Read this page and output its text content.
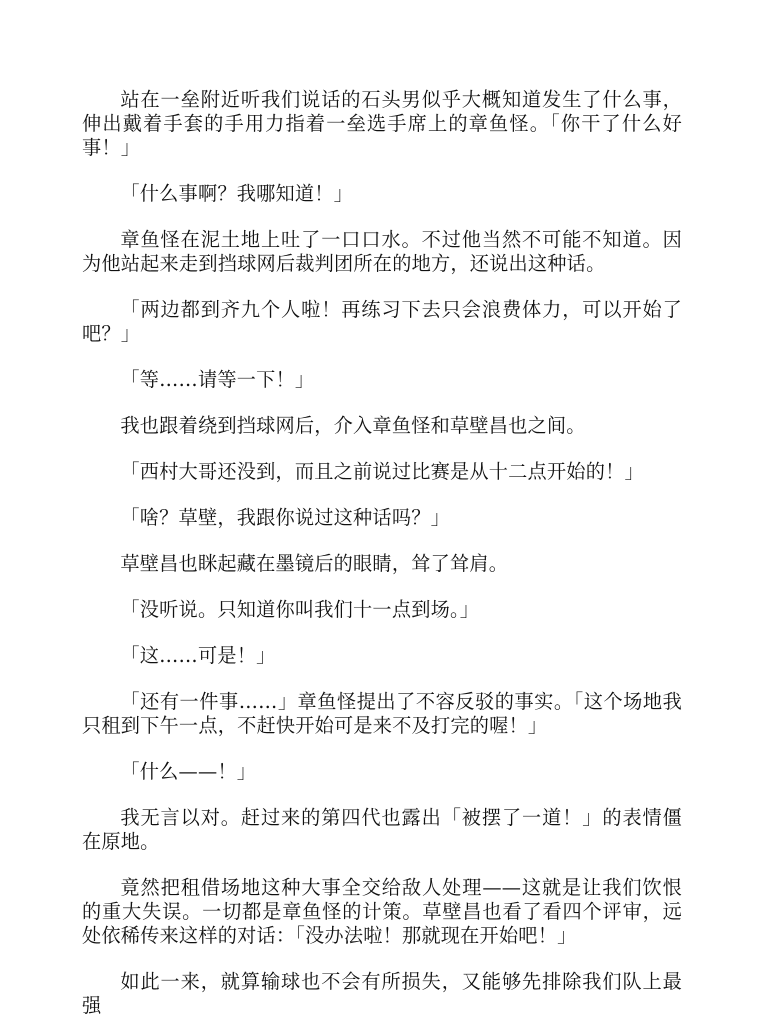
站在一垒附近听我们说话的石头男似乎大概知道发生了什么事，伸出戴着手套的手用力指着一垒选手席上的章鱼怪。「你干了什么好事！」

「什么事啊？我哪知道！」

章鱼怪在泥土地上吐了一口口水。不过他当然不可能不知道。因为他站起来走到挡球网后裁判团所在的地方，还说出这种话。

「两边都到齐九个人啦！再练习下去只会浪费体力，可以开始了吧？」

「等……请等一下！」

我也跟着绕到挡球网后，介入章鱼怪和草壁昌也之间。

「西村大哥还没到，而且之前说过比赛是从十二点开始的！」

「啥？草壁，我跟你说过这种话吗？」

草壁昌也眯起藏在墨镜后的眼睛，耸了耸肩。

「没听说。只知道你叫我们十一点到场。」

「这……可是！」

「还有一件事……」章鱼怪提出了不容反驳的事实。「这个场地我只租到下午一点，不赶快开始可是来不及打完的喔！」

「什么——！」

我无言以对。赶过来的第四代也露出「被摆了一道！」的表情僵在原地。

竟然把租借场地这种大事全交给敌人处理——这就是让我们饮恨的重大失误。一切都是章鱼怪的计策。草壁昌也看了看四个评审，远处依稀传来这样的对话：「没办法啦！那就现在开始吧！」

如此一来，就算输球也不会有所损失，又能够先排除我们队上最强
